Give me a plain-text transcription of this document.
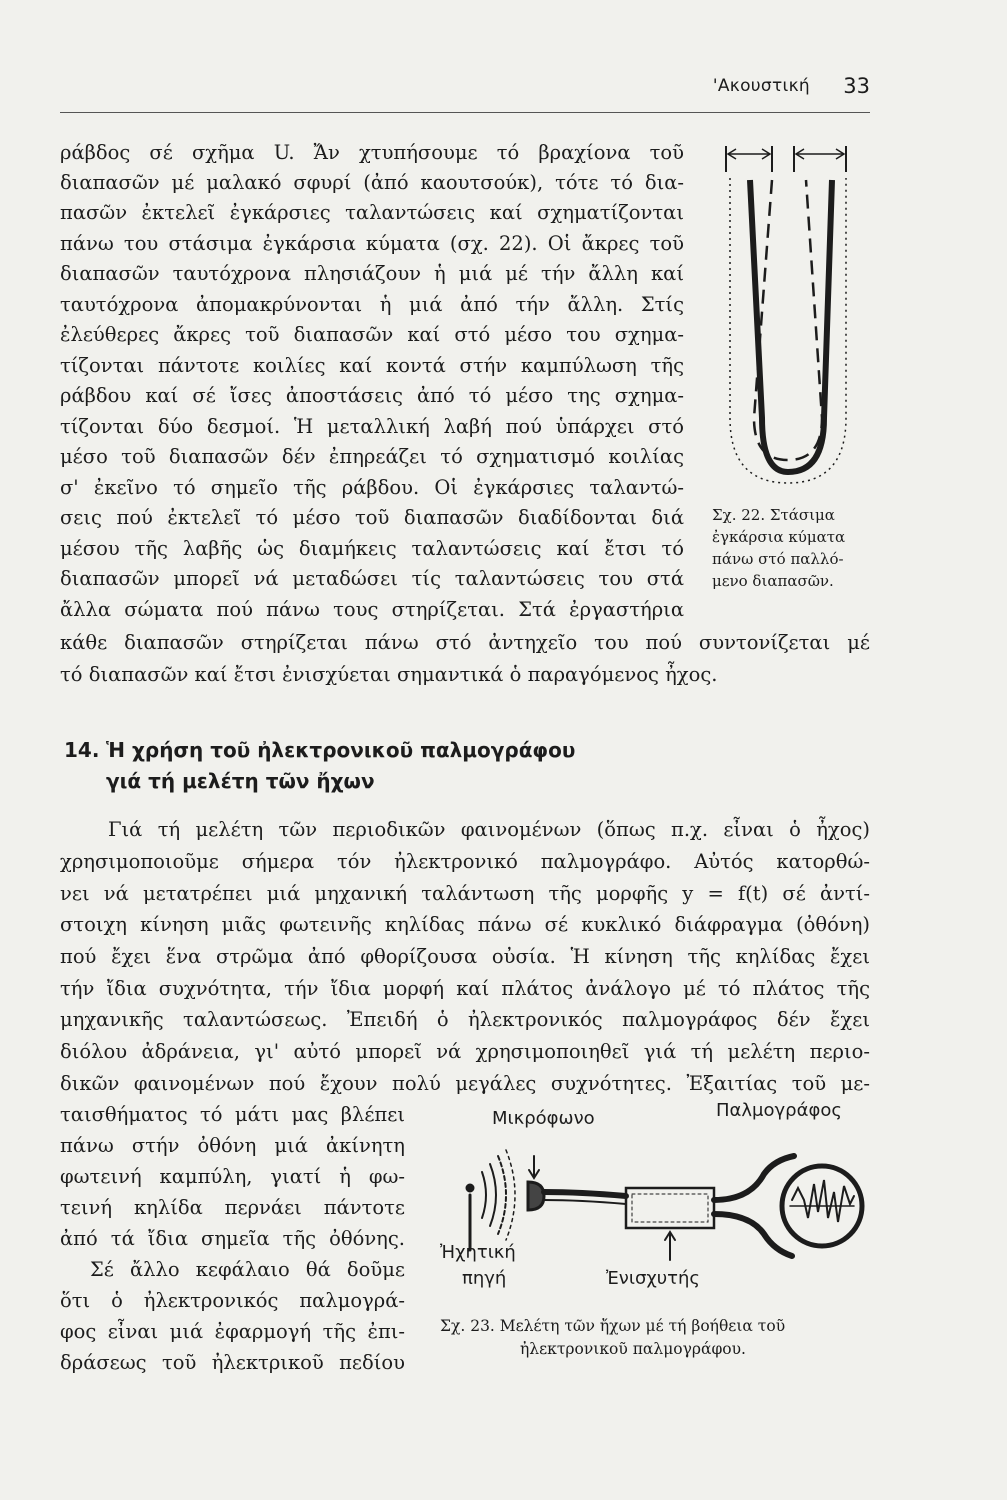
'Ακουστική 33
ράβδος σέ σχῆμα U. Ἄν χτυπήσουμε τό βραχίονα τοῦ
διαπασῶν μέ μαλακό σφυρί (ἀπό καουτσούκ), τότε τό δια-
πασῶν ἐκτελεῖ ἐγκάρσιες ταλαντώσεις καί σχηματίζονται
πάνω του στάσιμα ἐγκάρσια κύματα (σχ. 22). Οἱ ἄκρες τοῦ
διαπασῶν ταυτόχρονα πλησιάζουν ἡ μιά μέ τήν ἄλλη καί
ταυτόχρονα ἀπομακρύνονται ἡ μιά ἀπό τήν ἄλλη. Στίς
ἐλεύθερες ἄκρες τοῦ διαπασῶν καί στό μέσο του σχημα-
τίζονται πάντοτε κοιλίες καί κοντά στήν καμπύλωση τῆς
ράβδου καί σέ ἴσες ἀποστάσεις ἀπό τό μέσο της σχημα-
τίζονται δύο δεσμοί. Ἡ μεταλλική λαβή πού ὑπάρχει στό
μέσο τοῦ διαπασῶν δέν ἐπηρεάζει τό σχηματισμό κοιλίας
σ' ἐκεῖνο τό σημεῖο τῆς ράβδου. Οἱ ἐγκάρσιες ταλαντώ-
σεις πού ἐκτελεῖ τό μέσο τοῦ διαπασῶν διαδίδονται διά
μέσου τῆς λαβῆς ὡς διαμήκεις ταλαντώσεις καί ἔτσι τό
διαπασῶν μπορεῖ νά μεταδώσει τίς ταλαντώσεις του στά
ἄλλα σώματα πού πάνω τους στηρίζεται. Στά ἐργαστήρια
κάθε διαπασῶν στηρίζεται πάνω στό ἀντηχεῖο του πού συντονίζεται μέ
τό διαπασῶν καί ἔτσι ἐνισχύεται σημαντικά ὁ παραγόμενος ἦχος.
Σχ. 22. Στάσιμα
ἐγκάρσια κύματα
πάνω στό παλλό-
μενο διαπασῶν.
14. Ἡ χρήση τοῦ ἠλεκτρονικοῦ παλμογράφου
γιά τή μελέτη τῶν ἤχων
Γιά τή μελέτη τῶν περιοδικῶν φαινομένων (ὅπως π.χ. εἶναι ὁ ἦχος)
χρησιμοποιοῦμε σήμερα τόν ἠλεκτρονικό παλμογράφο. Αὐτός κατορθώ-
νει νά μετατρέπει μιά μηχανική ταλάντωση τῆς μορφῆς y = f(t) σέ ἀντί-
στοιχη κίνηση μιᾶς φωτεινῆς κηλίδας πάνω σέ κυκλικό διάφραγμα (ὀθόνη)
πού ἔχει ἕνα στρῶμα ἀπό φθορίζουσα οὐσία. Ἡ κίνηση τῆς κηλίδας ἔχει
τήν ἴδια συχνότητα, τήν ἴδια μορφή καί πλάτος ἀνάλογο μέ τό πλάτος τῆς
μηχανικῆς ταλαντώσεως. Ἐπειδή ὁ ἠλεκτρονικός παλμογράφος δέν ἔχει
διόλου ἀδράνεια, γι' αὐτό μπορεῖ νά χρησιμοποιηθεῖ γιά τή μελέτη περιο-
δικῶν φαινομένων πού ἔχουν πολύ μεγάλες συχνότητες. Ἐξαιτίας τοῦ με-
ταισθήματος τό μάτι μας βλέπει
πάνω στήν ὀθόνη μιά ἀκίνητη
φωτεινή καμπύλη, γιατί ἡ φω-
τεινή κηλίδα περνάει πάντοτε
ἀπό τά ἴδια σημεῖα τῆς ὀθόνης.
Σέ ἄλλο κεφάλαιο θά δοῦμε
ὅτι ὁ ἠλεκτρονικός παλμογρά-
φος εἶναι μιά ἐφαρμογή τῆς ἐπι-
δράσεως τοῦ ἠλεκτρικοῦ πεδίου
Μικρόφωνο	Παλμογράφος
Ἠχητική
πηγή	Ἐνισχυτής
Σχ. 23. Μελέτη τῶν ἤχων μέ τή βοήθεια τοῦ
ἠλεκτρονικοῦ παλμογράφου.
